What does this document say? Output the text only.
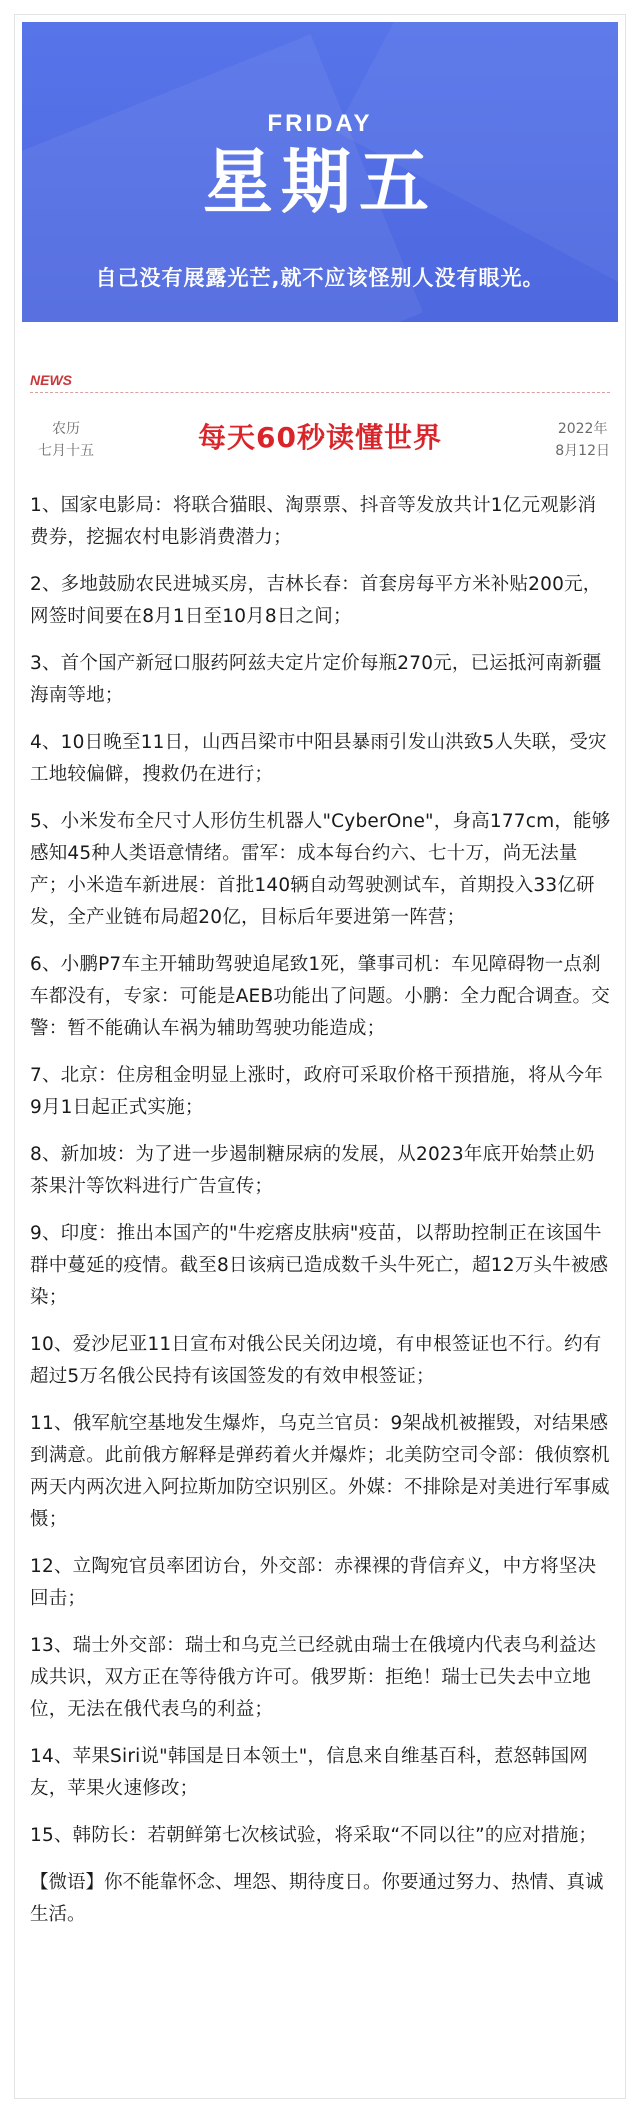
FRIDAY
星期五
自己没有展露光芒,就不应该怪别人没有眼光。
NEWS
农历
七月十五	每天60秒读懂世界	2022年
8月12日
1、国家电影局：将联合猫眼、淘票票、抖音等发放共计1亿元观影消费券，挖掘农村电影消费潜力；
2、多地鼓励农民进城买房，吉林长春：首套房每平方米补贴200元，网签时间要在8月1日至10月8日之间；
3、首个国产新冠口服药阿兹夫定片定价每瓶270元，已运抵河南新疆海南等地；
4、10日晚至11日，山西吕梁市中阳县暴雨引发山洪致5人失联，受灾工地较偏僻，搜救仍在进行；
5、小米发布全尺寸人形仿生机器人"CyberOne"，身高177cm，能够感知45种人类语意情绪。雷军：成本每台约六、七十万，尚无法量产；小米造车新进展：首批140辆自动驾驶测试车，首期投入33亿研发，全产业链布局超20亿，目标后年要进第一阵营；
6、小鹏P7车主开辅助驾驶追尾致1死，肇事司机：车见障碍物一点刹车都没有，专家：可能是AEB功能出了问题。小鹏：全力配合调查。交警：暂不能确认车祸为辅助驾驶功能造成；
7、北京：住房租金明显上涨时，政府可采取价格干预措施，将从今年9月1日起正式实施；
8、新加坡：为了进一步遏制糖尿病的发展，从2023年底开始禁止奶茶果汁等饮料进行广告宣传；
9、印度：推出本国产的"牛疙瘩皮肤病"疫苗，以帮助控制正在该国牛群中蔓延的疫情。截至8日该病已造成数千头牛死亡，超12万头牛被感染；
10、爱沙尼亚11日宣布对俄公民关闭边境，有申根签证也不行。约有超过5万名俄公民持有该国签发的有效申根签证；
11、俄军航空基地发生爆炸，乌克兰官员：9架战机被摧毁，对结果感到满意。此前俄方解释是弹药着火并爆炸；北美防空司令部：俄侦察机两天内两次进入阿拉斯加防空识别区。外媒：不排除是对美进行军事威慑；
12、立陶宛官员率团访台，外交部：赤裸裸的背信弃义，中方将坚决回击；
13、瑞士外交部：瑞士和乌克兰已经就由瑞士在俄境内代表乌利益达成共识，双方正在等待俄方许可。俄罗斯：拒绝！瑞士已失去中立地位，无法在俄代表乌的利益；
14、苹果Siri说"韩国是日本领土"，信息来自维基百科，惹怒韩国网友，苹果火速修改；
15、韩防长：若朝鲜第七次核试验，将采取“不同以往”的应对措施；
【微语】你不能靠怀念、埋怨、期待度日。你要通过努力、热情、真诚生活。
